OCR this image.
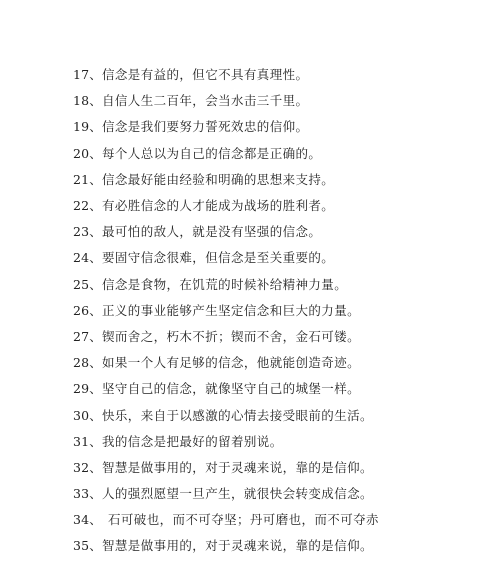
17、 信念是有益的，但它不具有真理性。
18、 自信人生二百年，会当水击三千里。
19、 信念是我们要努力誓死效忠的信仰。
20、 每个人总以为自己的信念都是正确的。
21、 信念最好能由经验和明确的思想来支持。
22、 有必胜信念的人才能成为战场的胜利者。
23、 最可怕的敌人，就是没有坚强的信念。
24、 要固守信念很难，但信念是至关重要的。
25、 信念是食物，在饥荒的时候补给精神力量。
26、 正义的事业能够产生坚定信念和巨大的力量。
27、 锲而舍之，朽木不折；锲而不舍，金石可镂。
28、 如果一个人有足够的信念，他就能创造奇迹。
29、 坚守自己的信念，就像坚守自己的城堡一样。
30、 快乐，来自于以感激的心情去接受眼前的生活。
31、 我的信念是把最好的留着别说。
32、 智慧是做事用的，对于灵魂来说，靠的是信仰。
33、 人的强烈愿望一旦产生，就很快会转变成信念。
34、 石可破也，而不可夺坚；丹可磨也，而不可夺赤
35、 智慧是做事用的，对于灵魂来说，靠的是信仰。
